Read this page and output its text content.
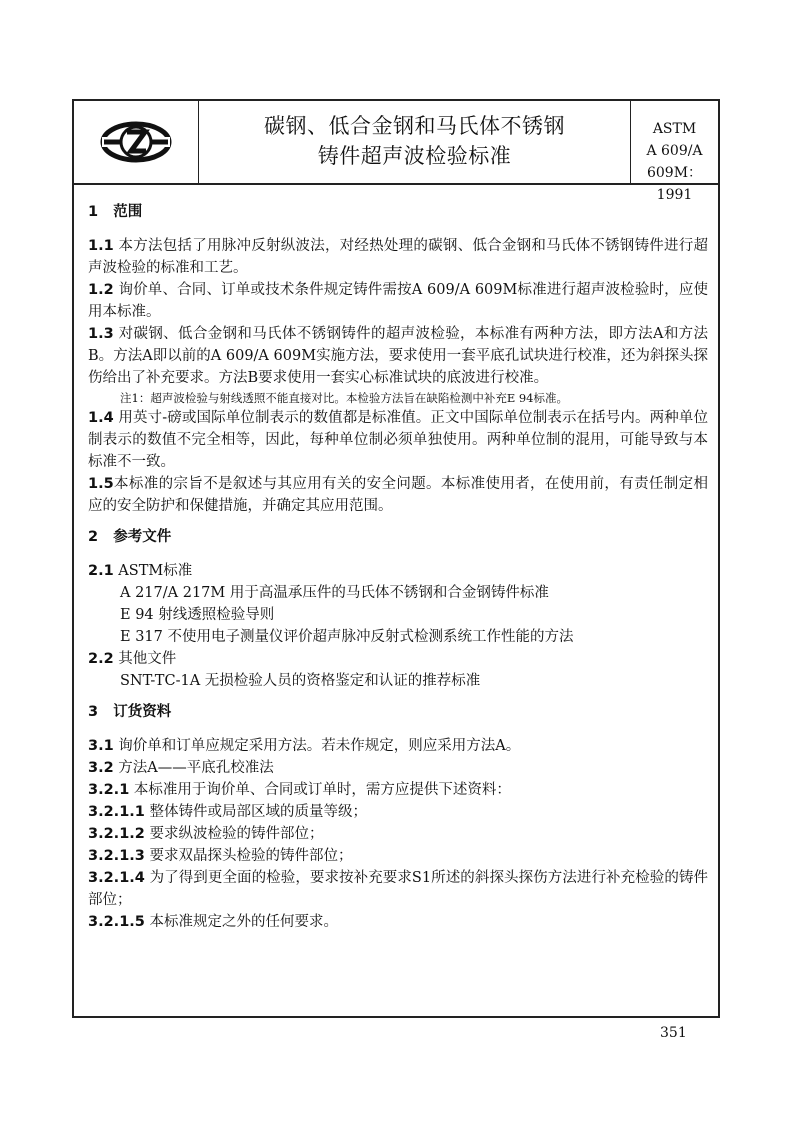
碳钢、低合金钢和马氏体不锈钢
铸件超声波检验标准
ASTM
A 609/A 609M：1991
1 范围

1.1 本方法包括了用脉冲反射纵波法，对经热处理的碳钢、低合金钢和马氏体不锈钢铸件进行超声波检验的标准和工艺。

1.2 询价单、合同、订单或技术条件规定铸件需按A 609/A 609M标准进行超声波检验时，应使用本标准。

1.3 对碳钢、低合金钢和马氏体不锈钢铸件的超声波检验，本标准有两种方法，即方法A和方法B。方法A即以前的A 609/A 609M实施方法，要求使用一套平底孔试块进行校准，还为斜探头探伤给出了补充要求。方法B要求使用一套实心标准试块的底波进行校准。

注1：超声波检验与射线透照不能直接对比。本检验方法旨在缺陷检测中补充E 94标准。

1.4 用英寸-磅或国际单位制表示的数值都是标准值。正文中国际单位制表示在括号内。两种单位制表示的数值不完全相等，因此，每种单位制必须单独使用。两种单位制的混用，可能导致与本标准不一致。

1.5本标准的宗旨不是叙述与其应用有关的安全问题。本标准使用者，在使用前，有责任制定相应的安全防护和保健措施，并确定其应用范围。

2 参考文件

2.1 ASTM标准

A 217/A 217M 用于高温承压件的马氏体不锈钢和合金钢铸件标准

E 94 射线透照检验导则

E 317 不使用电子测量仪评价超声脉冲反射式检测系统工作性能的方法

2.2 其他文件

SNT-TC-1A 无损检验人员的资格鉴定和认证的推荐标准

3 订货资料

3.1 询价单和订单应规定采用方法。若未作规定，则应采用方法A。

3.2 方法A——平底孔校准法

3.2.1 本标准用于询价单、合同或订单时，需方应提供下述资料：

3.2.1.1 整体铸件或局部区域的质量等级；

3.2.1.2 要求纵波检验的铸件部位；

3.2.1.3 要求双晶探头检验的铸件部位；

3.2.1.4 为了得到更全面的检验，要求按补充要求S1所述的斜探头探伤方法进行补充检验的铸件部位；

3.2.1.5 本标准规定之外的任何要求。

351
